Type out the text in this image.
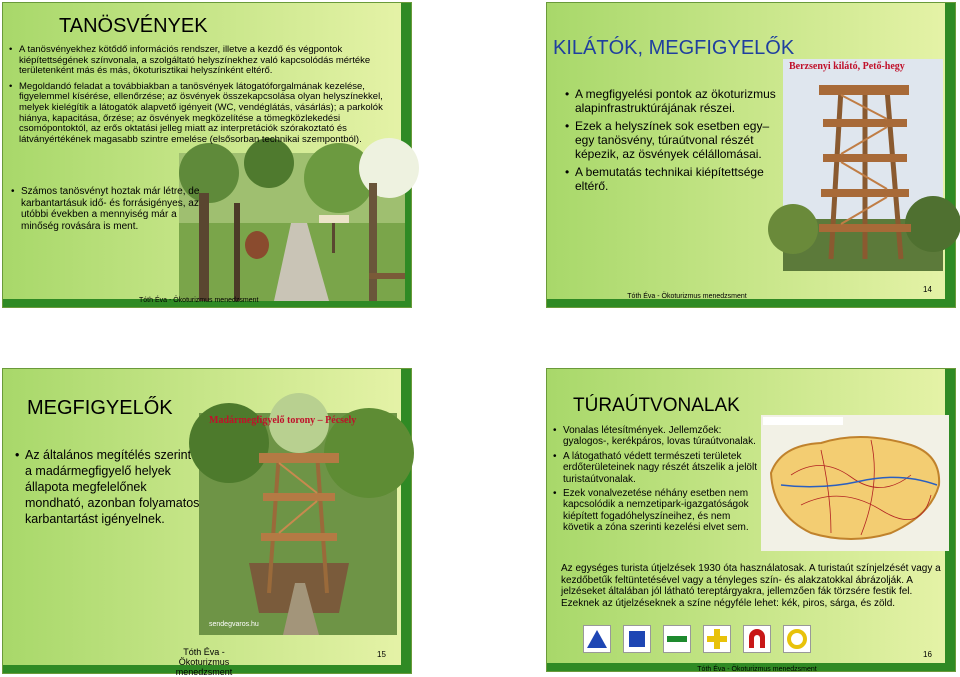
TANÖSVÉNYEK
• A tanösvényekhez kötődő információs rendszer, illetve a kezdő és végpontok kiépítettségének színvonala, a szolgáltató helyszínekhez való kapcsolódás mértéke területenként más és más, ökoturisztikai helyszínként eltérő.
• Megoldandó feladat a továbbiakban a tanösvények látogatóforgalmának kezelése, figyelemmel kísérése, ellenőrzése; az ösvények összekapcsolása olyan helyszínekkel, melyek kielégítik a látogatók alapvető igényeit (WC, vendéglátás, vásárlás); a parkolók hiánya, kapacitása, őrzése; az ösvények megközelítése a tömegközlekedési csomópontoktól, az erős oktatási jelleg miatt az interpretációk szórakoztató és látványértékének magasabb szintre emelése (elsősorban technikai szempontból).
• Számos tanösvényt hoztak már létre, de karbantartásuk idő- és forrásigényes, az utóbbi években a mennyiség már a minőség rovására is ment.
Tóth Éva - Ökoturizmus menedzsment
KILÁTÓK, MEGFIGYELŐK
• A megfigyelési pontok az ökoturizmus alapinfrastruktúrájának részei.
• Ezek a helyszínek sok esetben egy–egy tanösvény, túraútvonal részét képezik, az ösvények célállomásai.
• A bemutatás technikai kiépítettsége eltérő.
Berzsenyi kilátó, Pető-hegy
Tóth Éva - Ökoturizmus menedzsment
14
MEGFIGYELŐK
• Az általános megítélés szerint a madármegfigyelő helyek állapota megfelelőnek mondható, azonban folyamatos karbantartást igényelnek.
Madármegfigyelő torony – Pécsely
sendegvaros.hu
Tóth Éva - Ökoturizmus menedzsment
15
TÚRAÚTVONALAK
• Vonalas létesítmények. Jellemzőek: gyalogos-, kerékpáros, lovas túraútvonalak.
• A látogatható védett természeti területek erdőterületeinek nagy részét átszelik a jelölt turistaútvonalak.
• Ezek vonalvezetése néhány esetben nem kapcsolódik a nemzetipark-igazgatóságok kiépített fogadóhelyszíneihez, és nem követik a zóna szerinti kezelési elvet sem.
Az egységes turista útjelzések 1930 óta használatosak. A turistaút színjelzését vagy a kezdőbetűk feltüntetésével vagy a tényleges szín- és alakzatokkal ábrázolják. A jelzéseket általában jól látható tereptárgyakra, jellemzően fák törzsére festik fel. Ezeknek az útjelzéseknek a színe négyféle lehet: kék, piros, sárga, és zöld.
16
Tóth Éva - Ökoturizmus menedzsment
